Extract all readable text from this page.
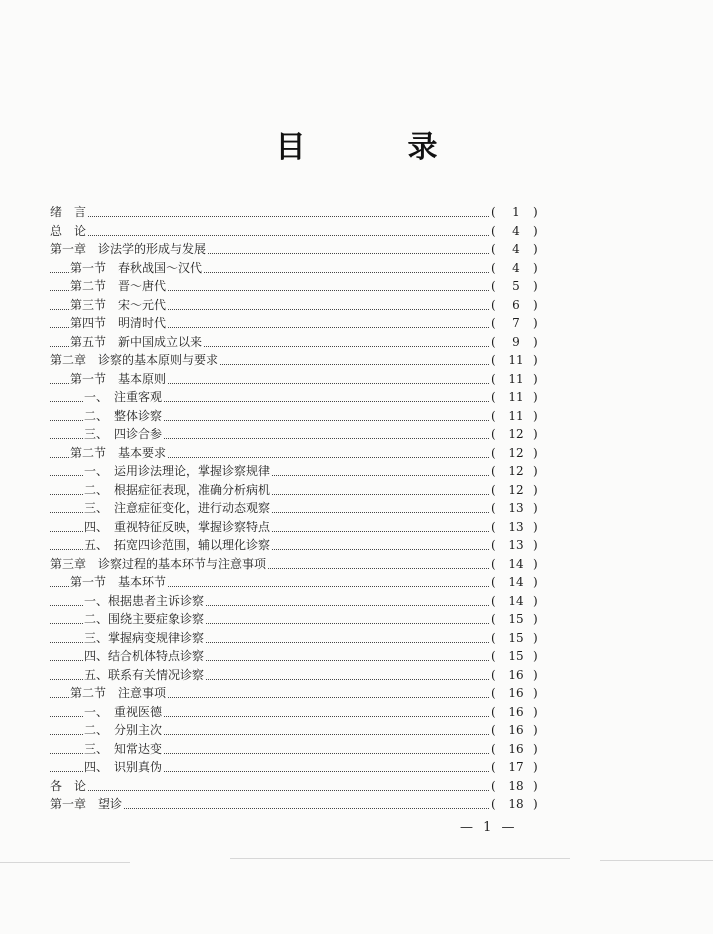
目　录
绪　言	(	1	)
总　论	(	4	)
第一章　诊法学的形成与发展	(	4	)
第一节　春秋战国～汉代	(	4	)
第二节　晋～唐代	(	5	)
第三节　宋～元代	(	6	)
第四节　明清时代	(	7	)
第五节　新中国成立以来	(	9	)
第二章　诊察的基本原则与要求	(	11 )
第一节　基本原则	(	11 )
一、　注重客观	(	11 )
二、　整体诊察	(	11 )
三、　四诊合参	(	12 )
第二节　基本要求	(	12 )
一、　运用诊法理论，掌握诊察规律	(	12 )
二、　根据症征表现，准确分析病机	(	12 )
三、　注意症征变化，进行动态观察	(	13 )
四、　重视特征反映，掌握诊察特点	(	13 )
五、　拓宽四诊范围，辅以理化诊察	(	13 )
第三章　诊察过程的基本环节与注意事项	(	14 )
第一节　基本环节	(	14 )
一、根据患者主诉诊察	(	14 )
二、围绕主要症象诊察	(	15 )
三、掌握病变规律诊察	(	15 )
四、结合机体特点诊察	(	15 )
五、联系有关情况诊察	(	16 )
第二节　注意事项	(	16 )
一、　重视医德	(	16 )
二、　分别主次	(	16 )
三、　知常达变	(	16 )
四、　识别真伪	(	17 )
各　论	(	18 )
第一章　望诊	(	18 )
— 1 —
